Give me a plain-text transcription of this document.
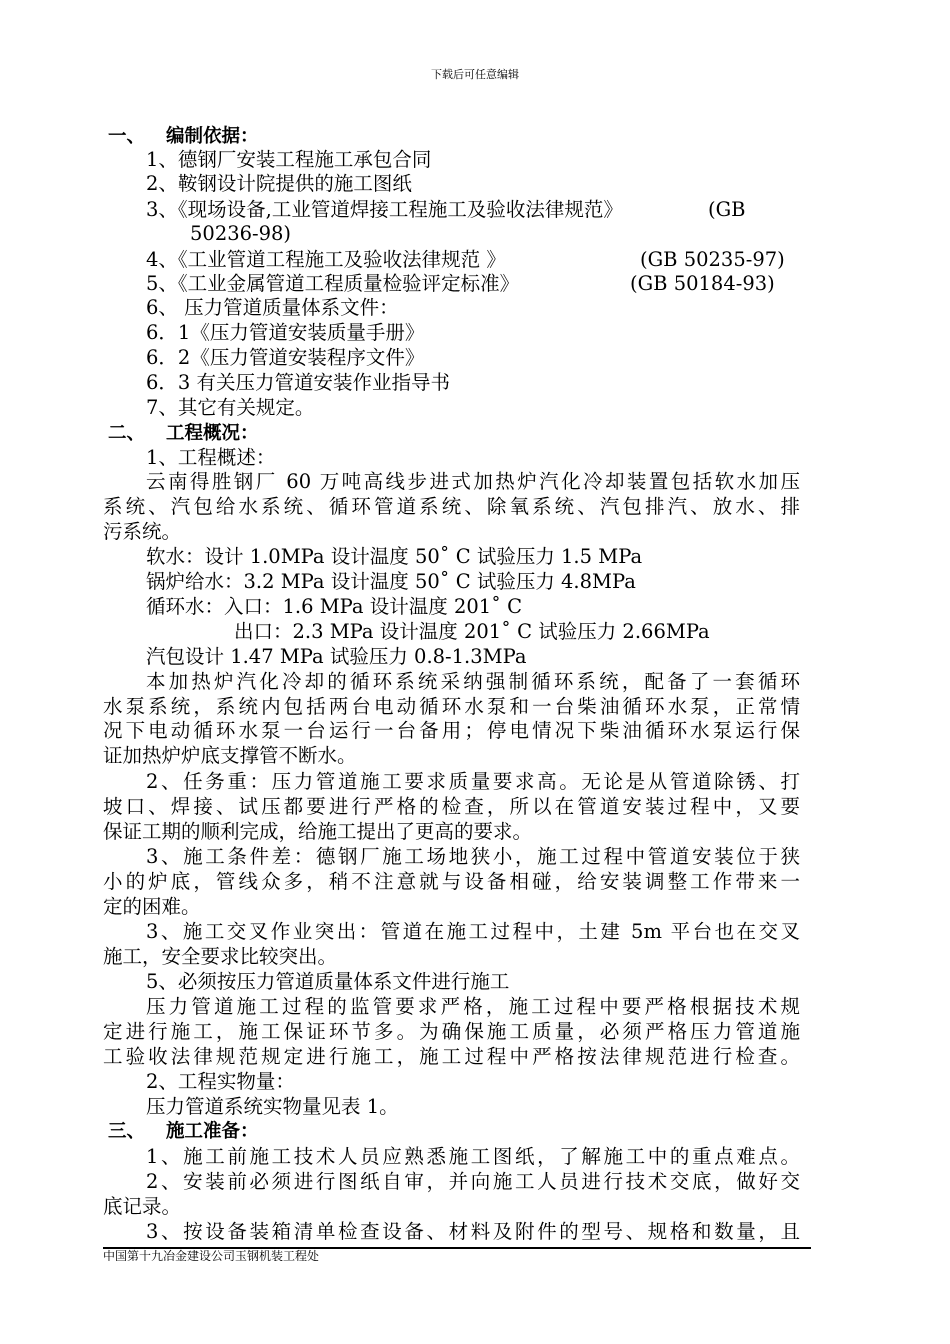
下载后可任意编辑
一、 编制依据：
1、德钢厂安装工程施工承包合同
2、鞍钢设计院提供的施工图纸
3、《现场设备,工业管道焊接工程施工及验收法律规范》	(GB
50236-98)
4、《工业管道工程施工及验收法律规范 》	(GB 50235-97)
5、《工业金属管道工程质量检验评定标准》	(GB 50184-93)
6、 压力管道质量体系文件：
6．1《压力管道安装质量手册》
6．2《压力管道安装程序文件》
6．3 有关压力管道安装作业指导书
7、其它有关规定。
二、 工程概况：
1、工程概述：
云南得胜钢厂 60 万吨高线步进式加热炉汽化冷却装置包括软水加压
系统、汽包给水系统、循环管道系统、除氧系统、汽包排汽、放水、排
污系统。
软水：设计 1.0MPa 设计温度 50˚ C 试验压力 1.5 MPa
锅炉给水：3.2 MPa 设计温度 50˚ C 试验压力 4.8MPa
循环水：入口：1.6 MPa 设计温度 201˚ C
出口：2.3 MPa 设计温度 201˚ C 试验压力 2.66MPa
汽包设计 1.47 MPa 试验压力 0.8-1.3MPa
本加热炉汽化冷却的循环系统采纳强制循环系统，配备了一套循环
水泵系统，系统内包括两台电动循环水泵和一台柴油循环水泵，正常情
况下电动循环水泵一台运行一台备用；停电情况下柴油循环水泵运行保
证加热炉炉底支撑管不断水。
2、任务重：压力管道施工要求质量要求高。无论是从管道除锈、打
坡口、焊接、试压都要进行严格的检查，所以在管道安装过程中，又要
保证工期的顺利完成，给施工提出了更高的要求。
3、施工条件差：德钢厂施工场地狭小，施工过程中管道安装位于狭
小的炉底，管线众多，稍不注意就与设备相碰，给安装调整工作带来一
定的困难。
3、施工交叉作业突出：管道在施工过程中，土建 5m 平台也在交叉
施工，安全要求比较突出。
5、必须按压力管道质量体系文件进行施工
压力管道施工过程的监管要求严格，施工过程中要严格根据技术规
定进行施工，施工保证环节多。为确保施工质量，必须严格压力管道施
工验收法律规范规定进行施工，施工过程中严格按法律规范进行检查。
2、工程实物量：
压力管道系统实物量见表 1。
三、 施工准备：
1、施工前施工技术人员应熟悉施工图纸，了解施工中的重点难点。
2、安装前必须进行图纸自审，并向施工人员进行技术交底，做好交
底记录。
3、按设备装箱清单检查设备、材料及附件的型号、规格和数量，且
中国第十九冶金建设公司玉钢机装工程处
